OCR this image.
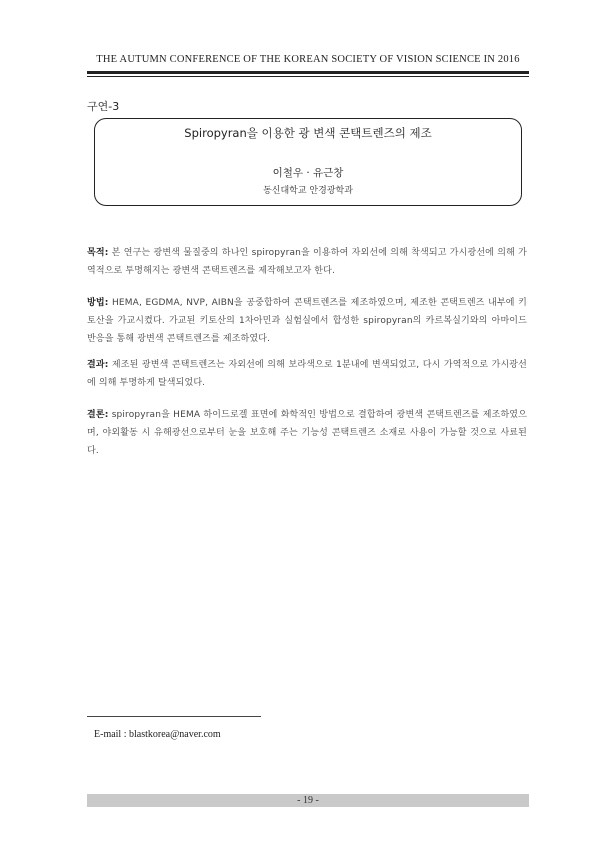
THE AUTUMN CONFERENCE OF THE KOREAN SOCIETY OF VISION SCIENCE IN 2016
구연-3
Spiropyran을 이용한 광 변색 콘택트렌즈의 제조
이철우 · 유근창
동신대학교 안경광학과
목적: 본 연구는 광변색 물질중의 하나인 spiropyran을 이용하여 자외선에 의해 착색되고 가시광선에 의해 가역적으로 투명해지는 광변색 콘택트렌즈를 제작해보고자 한다.
방법: HEMA, EGDMA, NVP, AIBN을 공중합하여 콘택트렌즈를 제조하였으며, 제조한 콘택트렌즈 내부에 키토산을 가교시켰다. 가교된 키토산의 1차아민과 실험실에서 합성한 spiropyran의 카르복실기와의 아마이드 반응을 통해 광변색 콘택트렌즈를 제조하였다.
결과: 제조된 광변색 콘택트렌즈는 자외선에 의해 보라색으로 1분내에 변색되었고, 다시 가역적으로 가시광선에 의해 투명하게 탈색되었다.
결론: spiropyran을 HEMA 하이드로겔 표면에 화학적인 방법으로 결합하여 광변색 콘택트렌즈를 제조하였으며, 야외활동 시 유해광선으로부터 눈을 보호해 주는 기능성 콘택트렌즈 소재로 사용이 가능할 것으로 사료된다.
E-mail : blastkorea@naver.com
- 19 -
